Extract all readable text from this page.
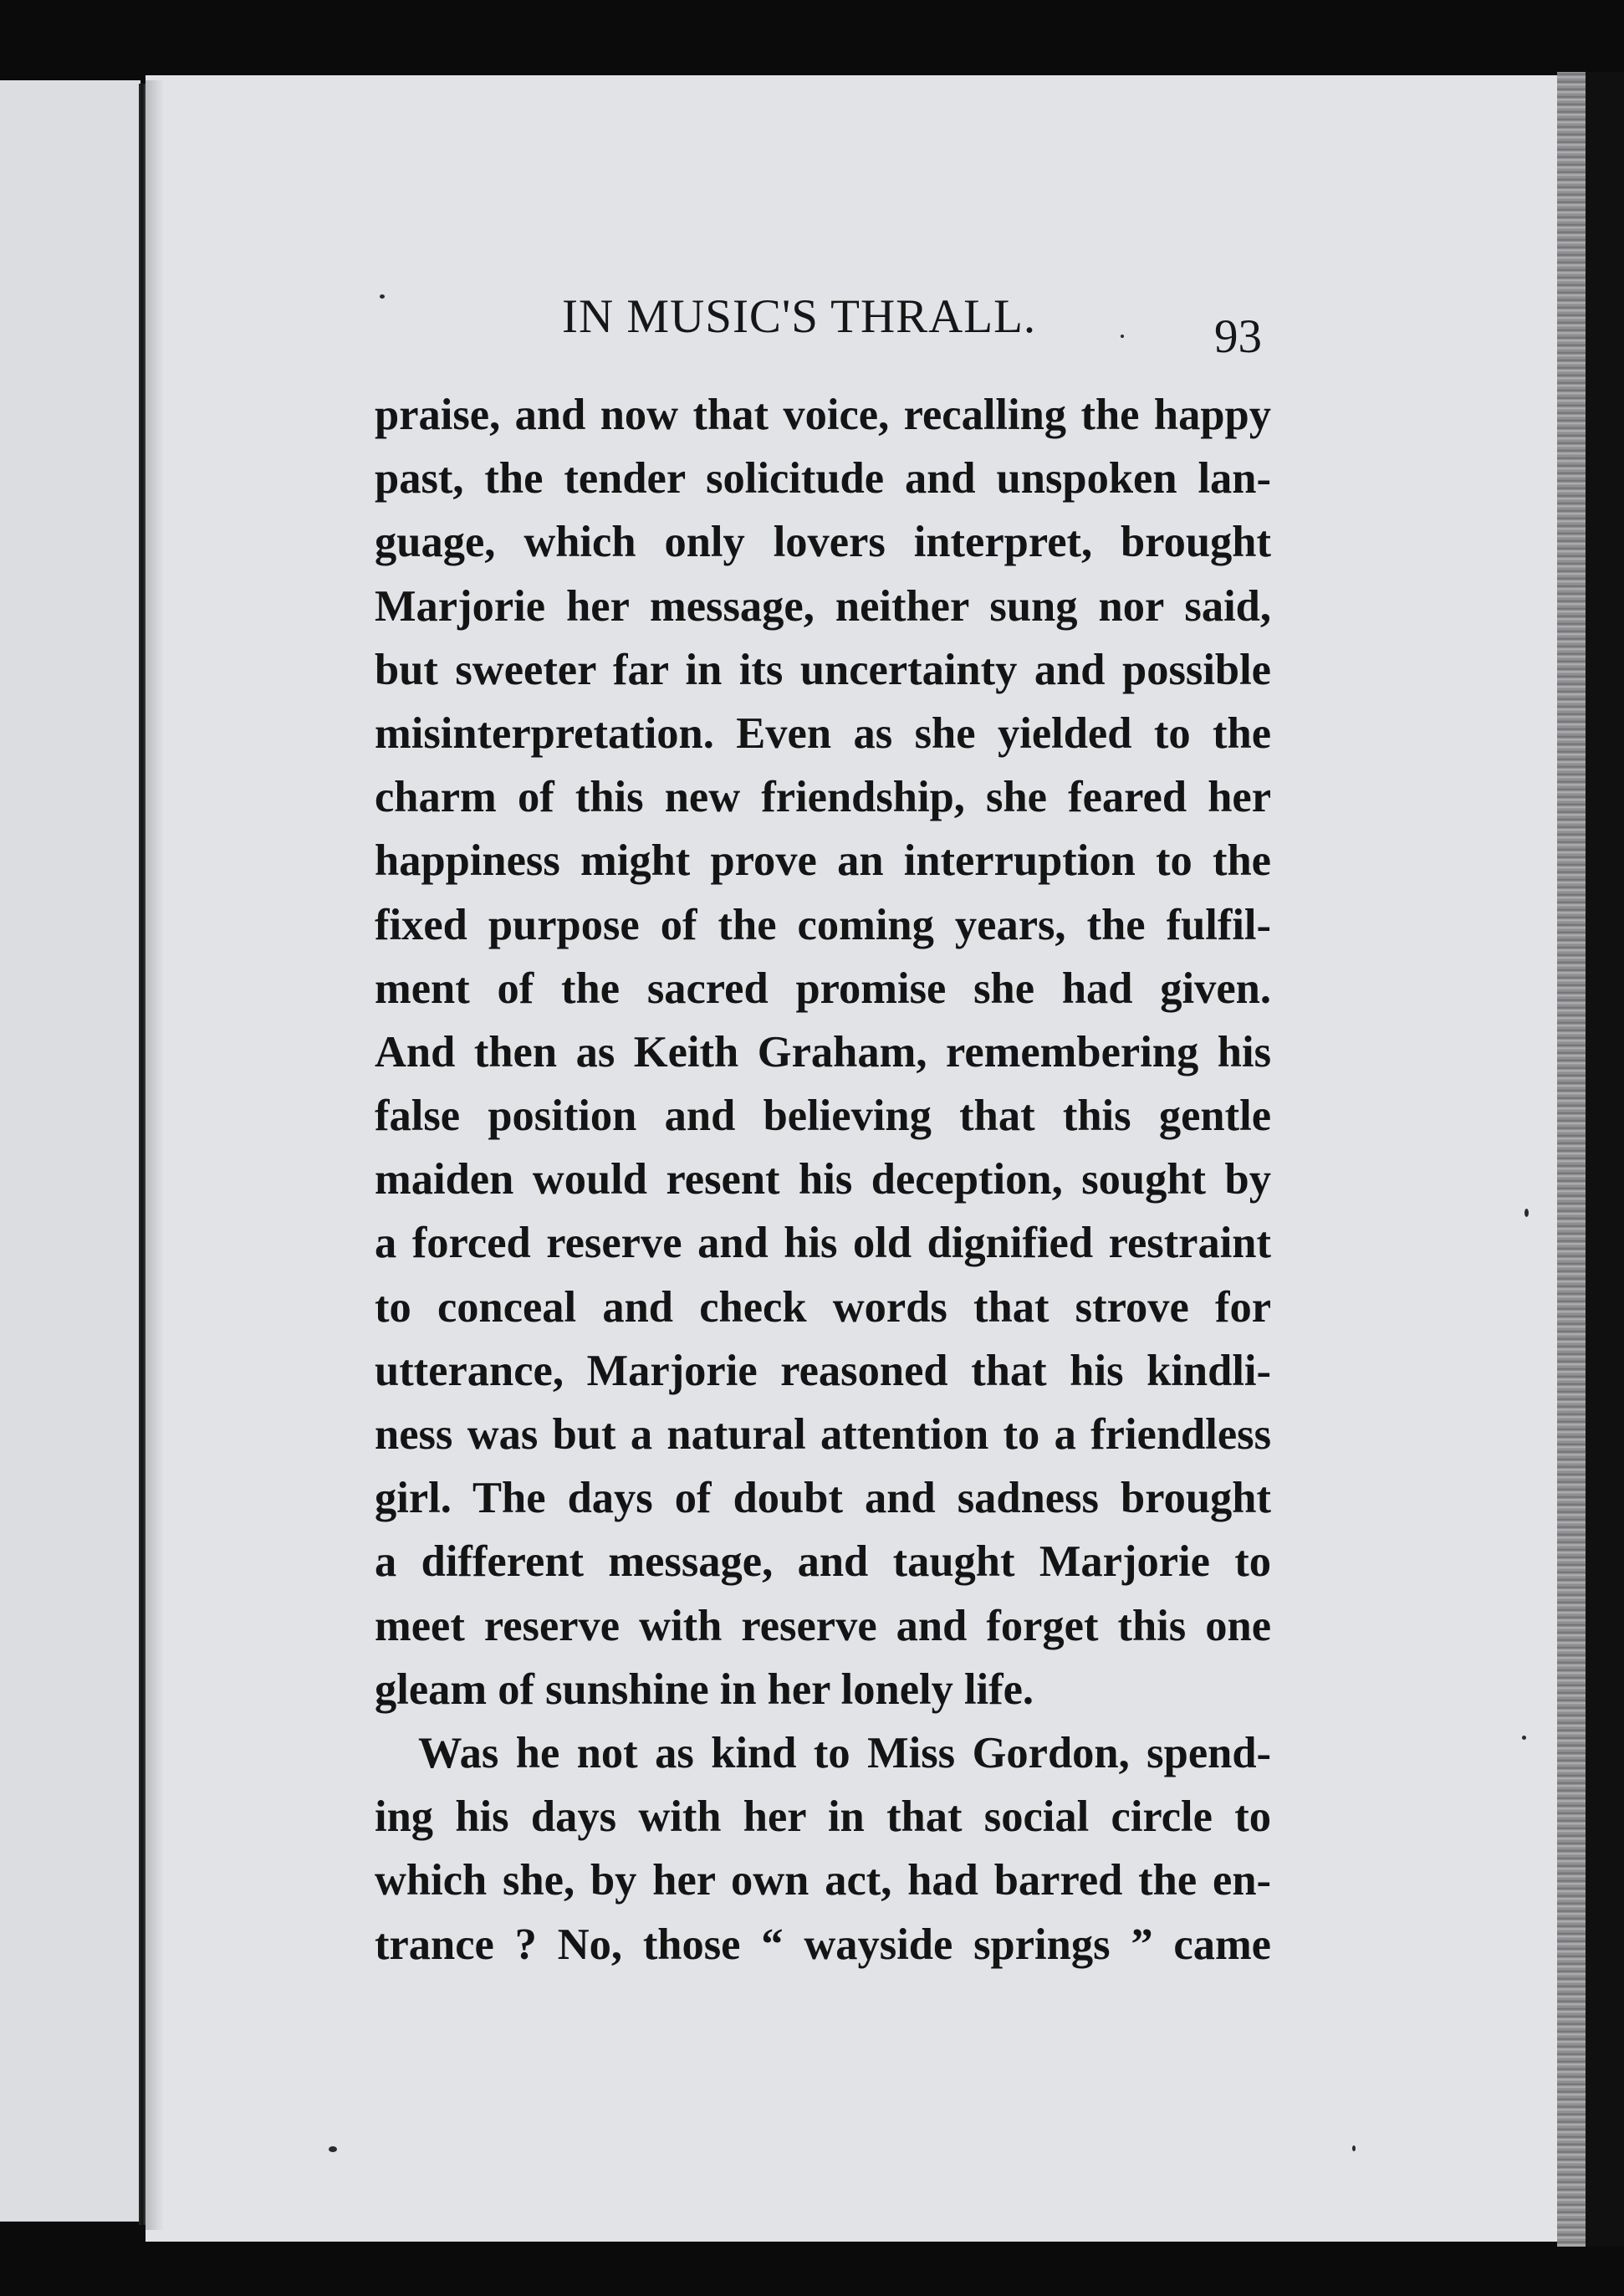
IN MUSIC'S THRALL.	93
praise, and now that voice, recalling the happy
past, the tender solicitude and unspoken lan-
guage, which only lovers interpret, brought
Marjorie her message, neither sung nor said,
but sweeter far in its uncertainty and possible
misinterpretation. Even as she yielded to the
charm of this new friendship, she feared her
happiness might prove an interruption to the
fixed purpose of the coming years, the fulfil-
ment of the sacred promise she had given.
And then as Keith Graham, remembering his
false position and believing that this gentle
maiden would resent his deception, sought by
a forced reserve and his old dignified restraint
to conceal and check words that strove for
utterance, Marjorie reasoned that his kindli-
ness was but a natural attention to a friendless
girl. The days of doubt and sadness brought
a different message, and taught Marjorie to
meet reserve with reserve and forget this one
gleam of sunshine in her lonely life.
Was he not as kind to Miss Gordon, spend-
ing his days with her in that social circle to
which she, by her own act, had barred the en-
trance ? No, those “ wayside springs ” came
